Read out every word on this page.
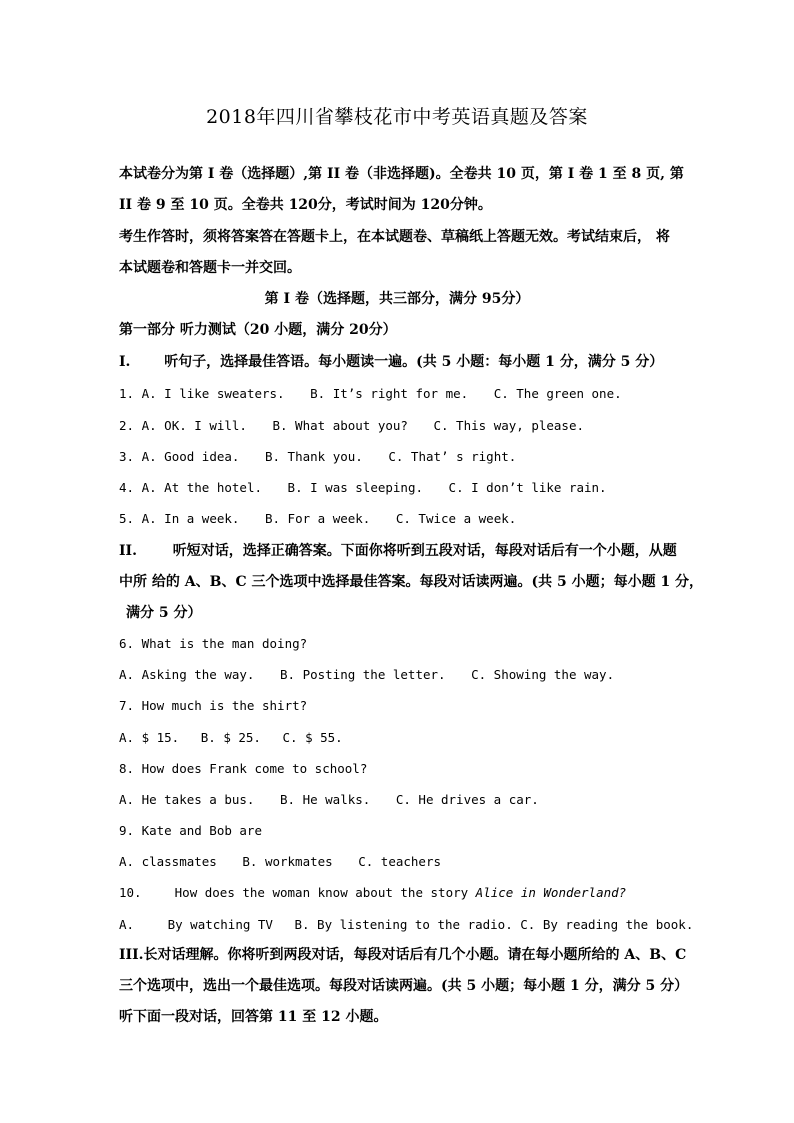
2018年四川省攀枝花市中考英语真题及答案
本试卷分为第 I 卷（选择题）,第 II 卷（非选择题)。全卷共 10 页，第 I 卷 1 至 8 页, 第
II 卷 9 至 10 页。全卷共 120分，考试时间为 120分钟。
考生作答时，须将答案答在答题卡上，在本试题卷、草稿纸上答题无效。考试结束后， 将
本试题卷和答题卡一并交回。
第 I 卷（选择题，共三部分，满分 95分）
第一部分 听力测试（20 小题，满分 20分）
I. 听句子，选择最佳答语。每小题读一遍。(共 5 小题：每小题 1 分，满分 5 分）
1. A. I like sweaters. B. It’s right for me. C. The green one.
2. A. OK. I will. B. What about you? C. This way, please.
3. A. Good idea. B. Thank you. C. That’ s right.
4. A. At the hotel. B. I was sleeping. C. I don’t like rain.
5. A. In a week. B. For a week. C. Twice a week.
II.	听短对话，选择正确答案。下面你将听到五段对话，每段对话后有一个小题，从题
中所 给的 A、B、C 三个选项中选择最佳答案。每段对话读两遍。(共 5 小题；每小题 1 分，
满分 5 分）
6. What is the man doing?
A. Asking the way. B. Posting the letter. C. Showing the way.
7. How much is the shirt?
A. $ 15. B. $ 25. C. $ 55.
8. How does Frank come to school?
A. He takes a bus. B. He walks. C. He drives a car.
9. Kate and Bob are
A. classmates B. workmates C. teachers
10.	How does the woman know about the story Alice in Wonderland?
A.	By watching TV B. By listening to the radio. C. By reading the book.
III.长对话理解。你将听到两段对话，每段对话后有几个小题。请在每小题所给的 A、B、C
三个选项中，选出一个最佳选项。每段对话读两遍。(共 5 小题；每小题 1 分，满分 5 分）
听下面一段对话，回答第 11 至 12 小题。
